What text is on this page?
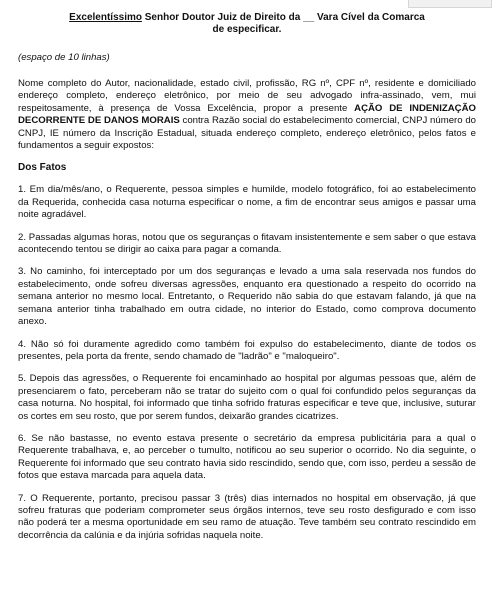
Excelentíssimo Senhor Doutor Juiz de Direito da __ Vara Cível da Comarca
de especificar.
(espaço de 10 linhas)

Nome completo do Autor, nacionalidade, estado civil, profissão, RG nº, CPF nº, residente e domiciliado endereço completo, endereço eletrônico, por meio de seu advogado infra-assinado, vem, mui respeitosamente, à presença de Vossa Excelência, propor a presente AÇÃO DE INDENIZAÇÃO DECORRENTE DE DANOS MORAIS contra Razão social do estabelecimento comercial, CNPJ número do CNPJ, IE número da Inscrição Estadual, situada endereço completo, endereço eletrônico, pelos fatos e fundamentos a seguir expostos:

Dos Fatos

1. Em dia/mês/ano, o Requerente, pessoa simples e humilde, modelo fotográfico, foi ao estabelecimento da Requerida, conhecida casa noturna especificar o nome, a fim de encontrar seus amigos e passar uma noite agradável.

2. Passadas algumas horas, notou que os seguranças o fitavam insistentemente e sem saber o que estava acontecendo tentou se dirigir ao caixa para pagar a comanda.

3. No caminho, foi interceptado por um dos seguranças e levado a uma sala reservada nos fundos do estabelecimento, onde sofreu diversas agressões, enquanto era questionado a respeito do ocorrido na semana anterior no mesmo local. Entretanto, o Requerido não sabia do que estavam falando, já que na semana anterior tinha trabalhado em outra cidade, no interior do Estado, como comprova documento anexo.

4. Não só foi duramente agredido como também foi expulso do estabelecimento, diante de todos os presentes, pela porta da frente, sendo chamado de "ladrão" e "maloqueiro".

5. Depois das agressões, o Requerente foi encaminhado ao hospital por algumas pessoas que, além de presenciarem o fato, perceberam não se tratar do sujeito com o qual foi confundido pelos seguranças da casa noturna. No hospital, foi informado que tinha sofrido fraturas especificar e teve que, inclusive, suturar os cortes em seu rosto, que por serem fundos, deixarão grandes cicatrizes.

6. Se não bastasse, no evento estava presente o secretário da empresa publicitária para a qual o Requerente trabalhava, e, ao perceber o tumulto, notificou ao seu superior o ocorrido. No dia seguinte, o Requerente foi informado que seu contrato havia sido rescindido, sendo que, com isso, perdeu a sessão de fotos que estava marcada para aquela data.

7. O Requerente, portanto, precisou passar 3 (três) dias internados no hospital em observação, já que sofreu fraturas que poderiam comprometer seus órgãos internos, teve seu rosto desfigurado e com isso não poderá ter a mesma oportunidade em seu ramo de atuação. Teve também seu contrato rescindido em decorrência da calúnia e da injúria sofridas naquela noite.
